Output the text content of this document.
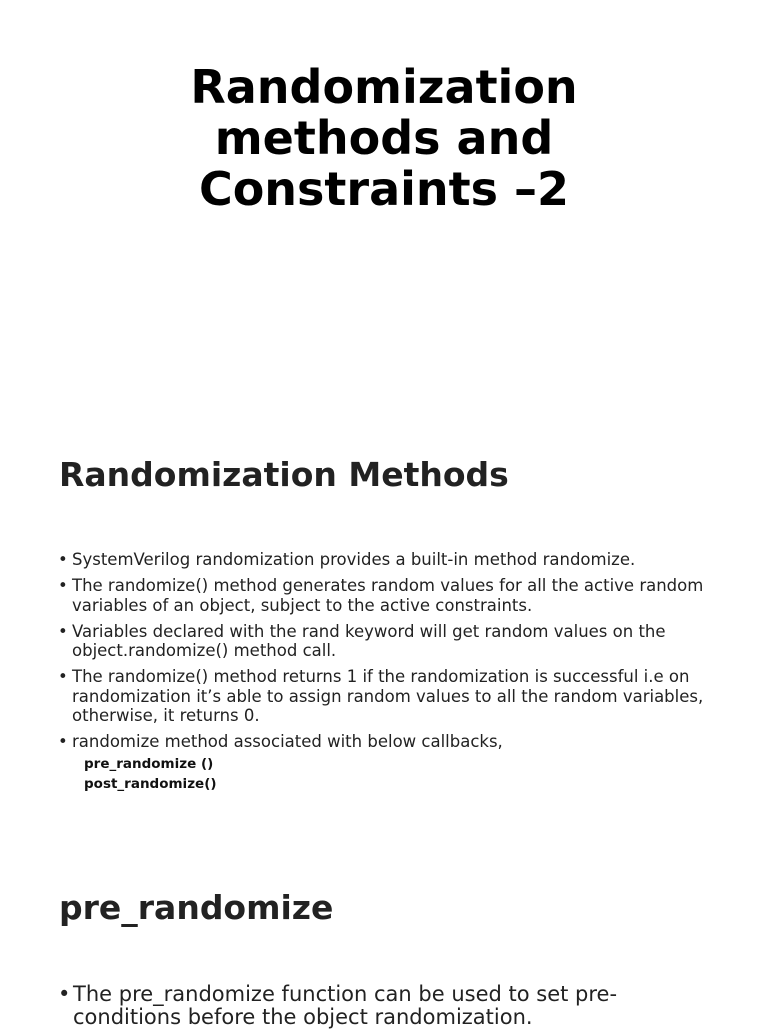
Randomization
methods and
Constraints –2
Randomization Methods
• SystemVerilog randomization provides a built-in method randomize.
• The randomize() method generates random values for all the active random variables of an object, subject to the active constraints.
• Variables declared with the rand keyword will get random values on the object.randomize() method call.
• The randomize() method returns 1 if the randomization is successful i.e on randomization it’s able to assign random values to all the random variables, otherwise, it returns 0.
• randomize method associated with below callbacks,
pre_randomize ()
post_randomize()
pre_randomize
• The pre_randomize function can be used to set pre-conditions before the object randomization.
